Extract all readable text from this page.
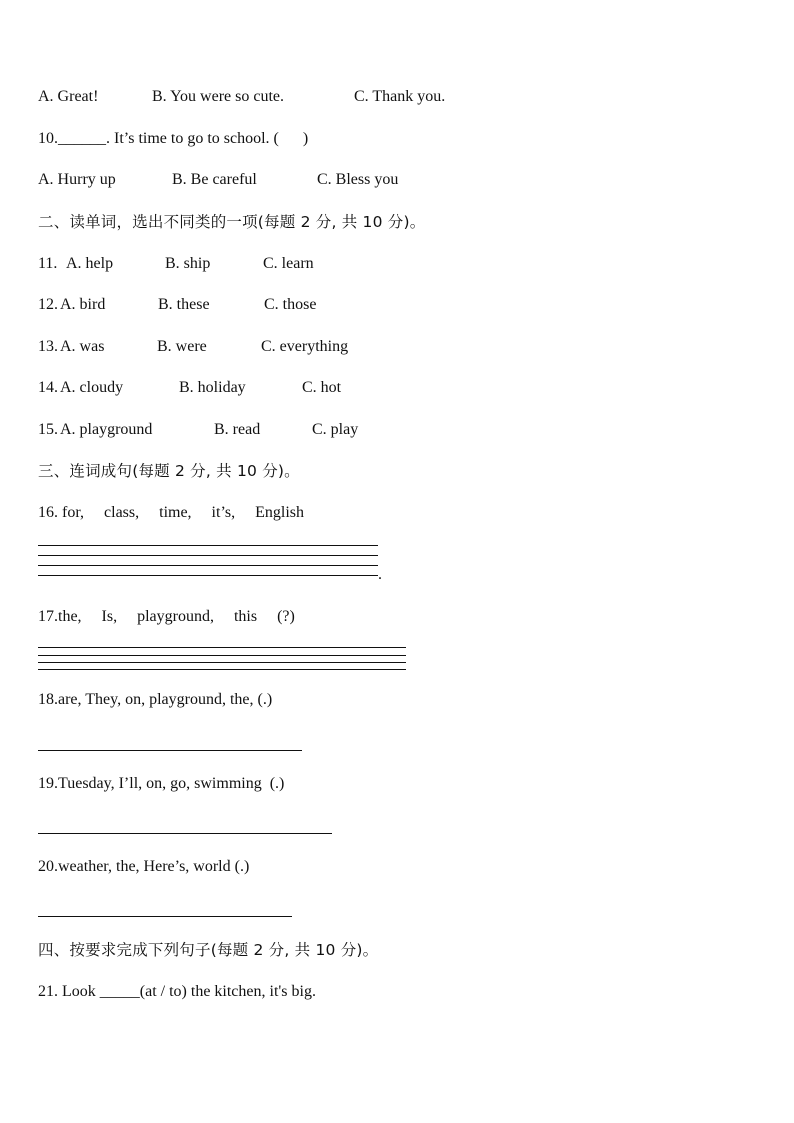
A. Great!

	B. You were so cute.

	C. Thank you.

10.______. It’s time to go to school. (      )

A. Hurry up

	B. Be careful

	C. Bless you

二、读单词，选出不同类的一项(每题 2 分, 共 10 分)。

11.

A. help

	B. ship

	C. learn

12.

A. bird

	B. these

	C. those

13.

A. was

	B. were

	C. everything

14.

A. cloudy

	B. holiday

	C. hot

15.

A. playground

	B. read

	C. play

三、连词成句(每题 2 分, 共 10 分)。
16. for,     class,     time,     it’s,     English
.
17.the,     Is,     playground,     this     (?)
18.are, They, on, playground, the, (.)
19.Tuesday, I’ll, on, go, swimming  (.)
20.weather, the, Here’s, world (.)
四、按要求完成下列句子(每题 2 分, 共 10 分)。
21. Look _____(at / to) the kitchen, it's big.
